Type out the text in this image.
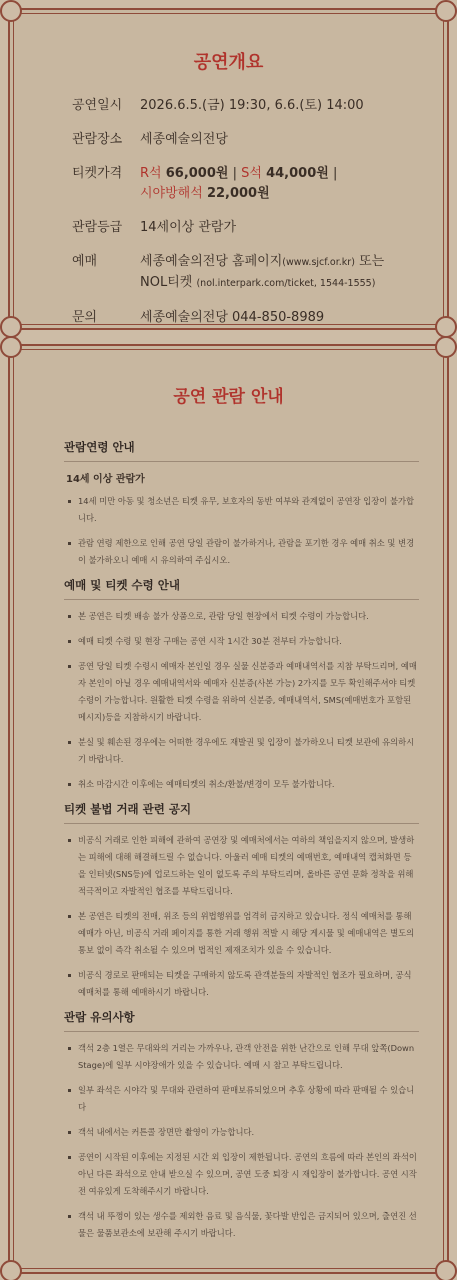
공연개요
공연일시	2026.6.5.(금) 19:30, 6.6.(토) 14:00
관람장소	세종예술의전당
티켓가격	R석 66,000원 | S석 44,000원 |
시야방해석 22,000원
관람등급	14세이상 관람가
예매	세종예술의전당 홈페이지(www.sjcf.or.kr) 또는
NOL티켓 (nol.interpark.com/ticket, 1544-1555)
문의	세종예술의전당 044-850-8989
공연 관람 안내
관람연령 안내
14세 이상 관람가
14세 미만 아동 및 청소년은 티켓 유무, 보호자의 동반 여부와 관계없이 공연장 입장이 불가합니다.
관람 연령 제한으로 인해 공연 당일 관람이 불가하거나, 관람을 포기한 경우 예매 취소 및 변경이 불가하오니 예매 시 유의하여 주십시오.
예매 및 티켓 수령 안내
본 공연은 티켓 배송 불가 상품으로, 관람 당일 현장에서 티켓 수령이 가능합니다.
예매 티켓 수령 및 현장 구매는 공연 시작 1시간 30분 전부터 가능합니다.
공연 당일 티켓 수령시 예매자 본인일 경우 실물 신분증과 예매내역서를 지참 부탁드리며, 예매자 본인이 아닐 경우 예매내역서와 예매자 신분증(사본 가능) 2가지를 모두 확인해주셔야 티켓 수령이 가능합니다. 원활한 티켓 수령을 위하여 신분증, 예매내역서, SMS(예매번호가 포함된 메시지)등을 지참하시기 바랍니다.
분실 및 훼손된 경우에는 어떠한 경우에도 재발권 및 입장이 불가하오니 티켓 보관에 유의하시기 바랍니다.
취소 마감시간 이후에는 예매티켓의 취소/환불/변경이 모두 불가합니다.
티켓 불법 거래 관련 공지
비공식 거래로 인한 피해에 관하여 공연장 및 예매처에서는 여하의 책임을지지 않으며, 발생하는 피해에 대해 해결해드릴 수 없습니다. 아울러 예매 티켓의 예매번호, 예매내역 캡쳐화면 등을 인터넷(SNS등)에 업로드하는 일이 없도록 주의 부탁드리며, 올바른 공연 문화 정착을 위해 적극적이고 자발적인 협조를 부탁드립니다.
본 공연은 티켓의 전매, 위조 등의 위법행위를 엄격히 금지하고 있습니다. 정식 예매처를 통해 예매가 아닌, 비공식 거래 페이지를 통한 거래 행위 적발 시 해당 게시물 및 예매내역은 별도의 통보 없이 즉각 취소될 수 있으며 법적인 제재조치가 있을 수 있습니다.
비공식 경로로 판매되는 티켓을 구매하지 않도록 관객분들의 자발적인 협조가 필요하며, 공식 예매처를 통해 예매하시기 바랍니다.
관람 유의사항
객석 2층 1열은 무대와의 거리는 가까우나, 관객 안전을 위한 난간으로 인해 무대 앞쪽(Down Stage)에 일부 시야장애가 있을 수 있습니다. 예매 시 참고 부탁드립니다.
일부 좌석은 시야각 및 무대와 관련하여 판매보류되었으며 추후 상황에 따라 판매될 수 있습니다
객석 내에서는 커튼콜 장면만 촬영이 가능합니다.
공연이 시작된 이후에는 지정된 시간 외 입장이 제한됩니다. 공연의 흐름에 따라 본인의 좌석이 아닌 다른 좌석으로 안내 받으실 수 있으며, 공연 도중 퇴장 시 재입장이 불가합니다. 공연 시작 전 여유있게 도착해주시기 바랍니다.
객석 내 뚜껑이 있는 생수를 제외한 음료 및 음식물, 꽃다발 반입은 금지되어 있으며, 출연진 선물은 물품보관소에 보관해 주시기 바랍니다.
